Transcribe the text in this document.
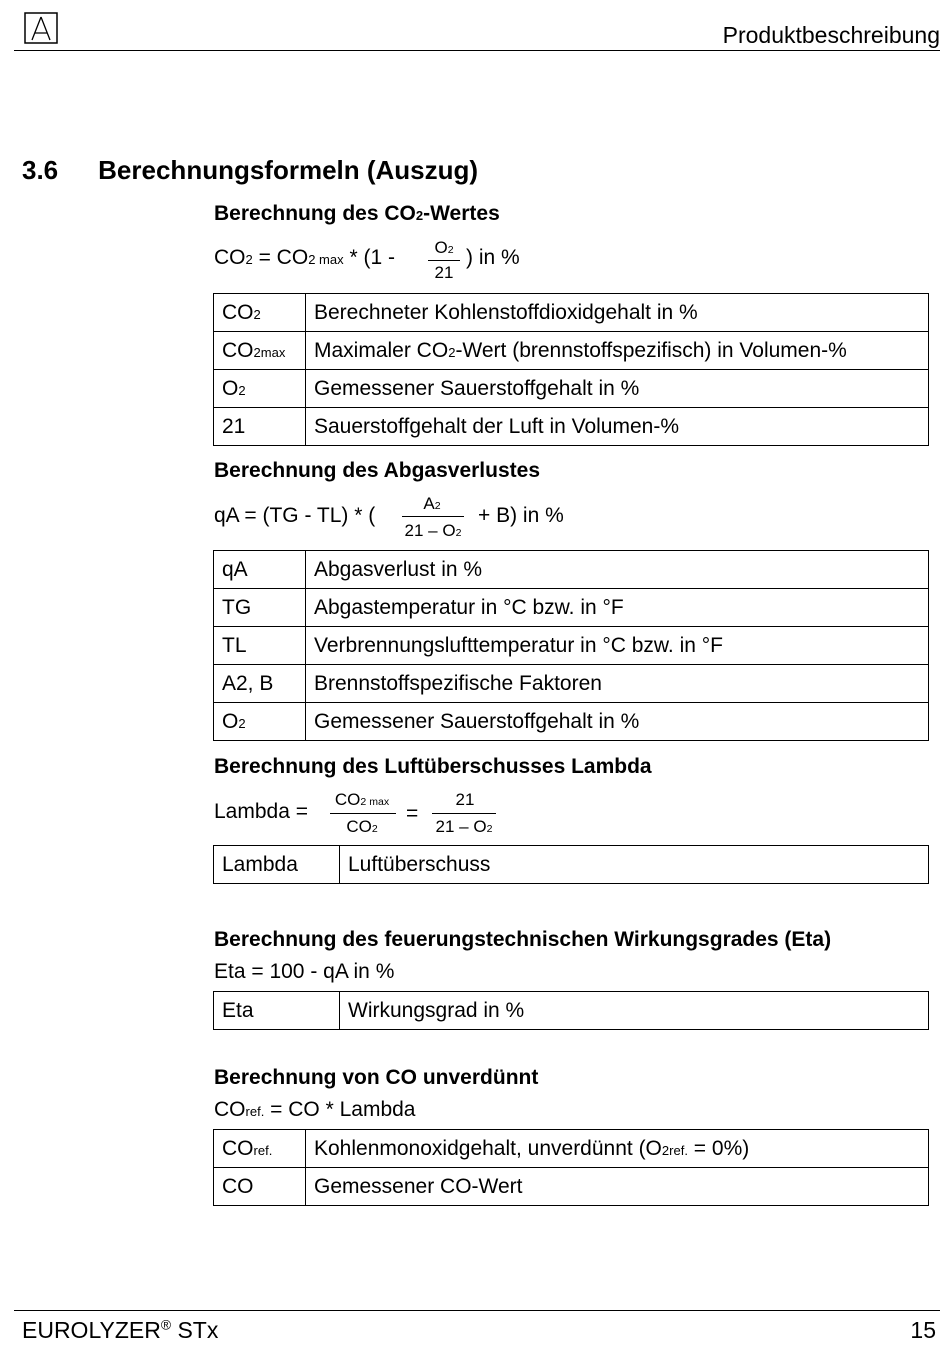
Produktbeschreibung
3.6 Berechnungsformeln (Auszug)
Berechnung des CO2-Wertes
CO2 = CO2 max * (1 -	O2
21
) in %
CO2	Berechneter Kohlenstoffdioxidgehalt in %
CO2max	Maximaler CO2-Wert (brennstoffspezifisch) in Volumen-%
O2	Gemessener Sauerstoffgehalt in %
21	Sauerstoffgehalt der Luft in Volumen-%
Berechnung des Abgasverlustes
qA = (TG - TL) * (
A2
21 – O2
+ B) in %
qA	Abgasverlust in %
TG	Abgastemperatur in °C bzw. in °F
TL	Verbrennungslufttemperatur in °C bzw. in °F
A2, B	Brennstoffspezifische Faktoren
O2	Gemessener Sauerstoffgehalt in %
Berechnung des Luftüberschusses Lambda
Lambda =
CO2 max
CO2
=
21
21 – O2
Lambda	Luftüberschuss
Berechnung des feuerungstechnischen Wirkungsgrades (Eta)
Eta = 100 - qA in %
Eta	Wirkungsgrad in %
Berechnung von CO unverdünnt
COref. = CO * Lambda
COref.	Kohlenmonoxidgehalt, unverdünnt (O2ref. = 0%)
CO	Gemessener CO-Wert
EUROLYZER® STx	15
